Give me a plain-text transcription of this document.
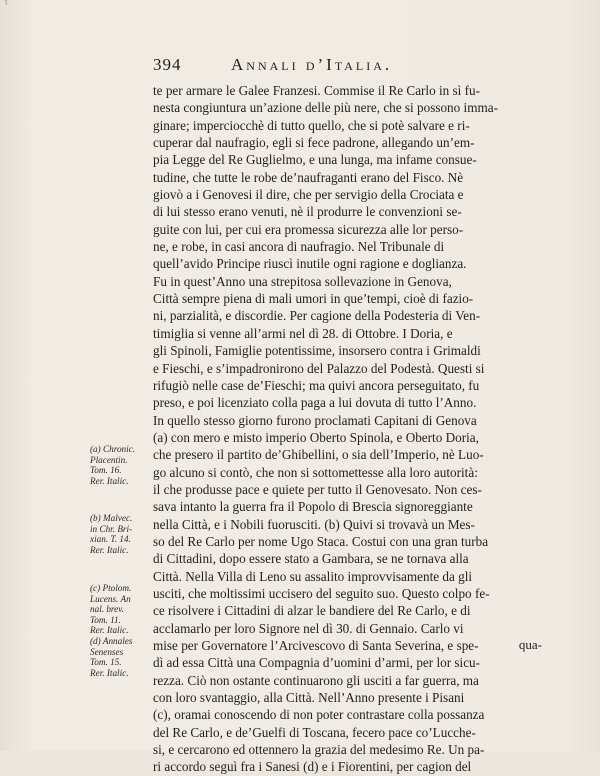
ˁ
394	Annali d’Italia.
te per armare le Galee Franzesi. Commise il Re Carlo in sì fu-
nesta congiuntura un’azione delle più nere, che si possono imma-
ginare; imperciocchè di tutto quello, che si potè salvare e ri-
cuperar dal naufragio, egli si fece padrone, allegando un’em-
pia Legge del Re Guglielmo, e una lunga, ma infame consue-
tudine, che tutte le robe de’naufraganti erano del Fisco. Nè
giovò a i Genovesi il dire, che per servigio della Crociata e
di lui stesso erano venuti, nè il produrre le convenzioni se-
guite con lui, per cui era promessa sicurezza alle lor perso-
ne, e robe, in casi ancora di naufragio. Nel Tribunale di
quell’avido Principe riuscì inutile ogni ragione e doglianza.
Fu in quest’Anno una strepitosa sollevazione in Genova,
Città sempre piena di mali umori in que’tempi, cioè di fazio-
ni, parzialità, e discordie. Per cagione della Podesteria di Ven-
timiglia si venne all’armi nel dì 28. di Ottobre. I Doria, e
gli Spinoli, Famiglie potentissime, insorsero contra i Grimaldi
e Fieschi, e s’impadronirono del Palazzo del Podestà. Questi si
rifugiò nelle case de’Fieschi; ma quivi ancora perseguitato, fu
preso, e poi licenziato colla paga a lui dovuta di tutto l’Anno.
In quello stesso giorno furono proclamati Capitani di Genova
(a) con mero e misto imperio Oberto Spinola, e Oberto Doria,
che presero il partito de’Ghibellini, o sia dell’Imperio, nè Luo-
go alcuno si contò, che non si sottomettesse alla loro autorità:
il che produsse pace e quiete per tutto il Genovesato. Non ces-
sava intanto la guerra fra il Popolo di Brescia signoreggiante
nella Città, e i Nobili fuorusciti. (b) Quivi si trovavà un Mes-
so del Re Carlo per nome Ugo Staca. Costui con una gran turba
di Cittadini, dopo essere stato a Gambara, se ne tornava alla
Città. Nella Villa di Leno su assalito improvvisamente da gli
usciti, che moltissimi uccisero del seguito suo. Questo colpo fe-
ce risolvere i Cittadini di alzar le bandiere del Re Carlo, e di
acclamarlo per loro Signore nel dì 30. di Gennaio. Carlo vi
mise per Governatore l’Arcivescovo di Santa Severina, e spe-
dì ad essa Città una Compagnia d’uomini d’armi, per lor sicu-
rezza. Ciò non ostante continuarono gli usciti a far guerra, ma
con loro svantaggio, alla Città. Nell’Anno presente i Pisani
(c), oramai conoscendo di non poter contrastare colla possanza
del Re Carlo, e de’Guelfi di Toscana, fecero pace co’Lucche-
si, e cercarono ed ottennero la grazia del medesimo Re. Un pa-
ri accordo seguì fra i Sanesi (d) e i Fiorentini, per cagion del
(a) Chronic.
Placentin.
Tom. 16.
Rer. Italic.
(b) Malvec.
in Chr. Bri-
xian. T. 14.
Rer. Italic.
(c) Ptolom.
Lucens. An
nal. brev.
Tom. 11.
Rer. Italic.
(d) Annales
Senenses
Tom. 15.
Rer. Italic.
qua-
